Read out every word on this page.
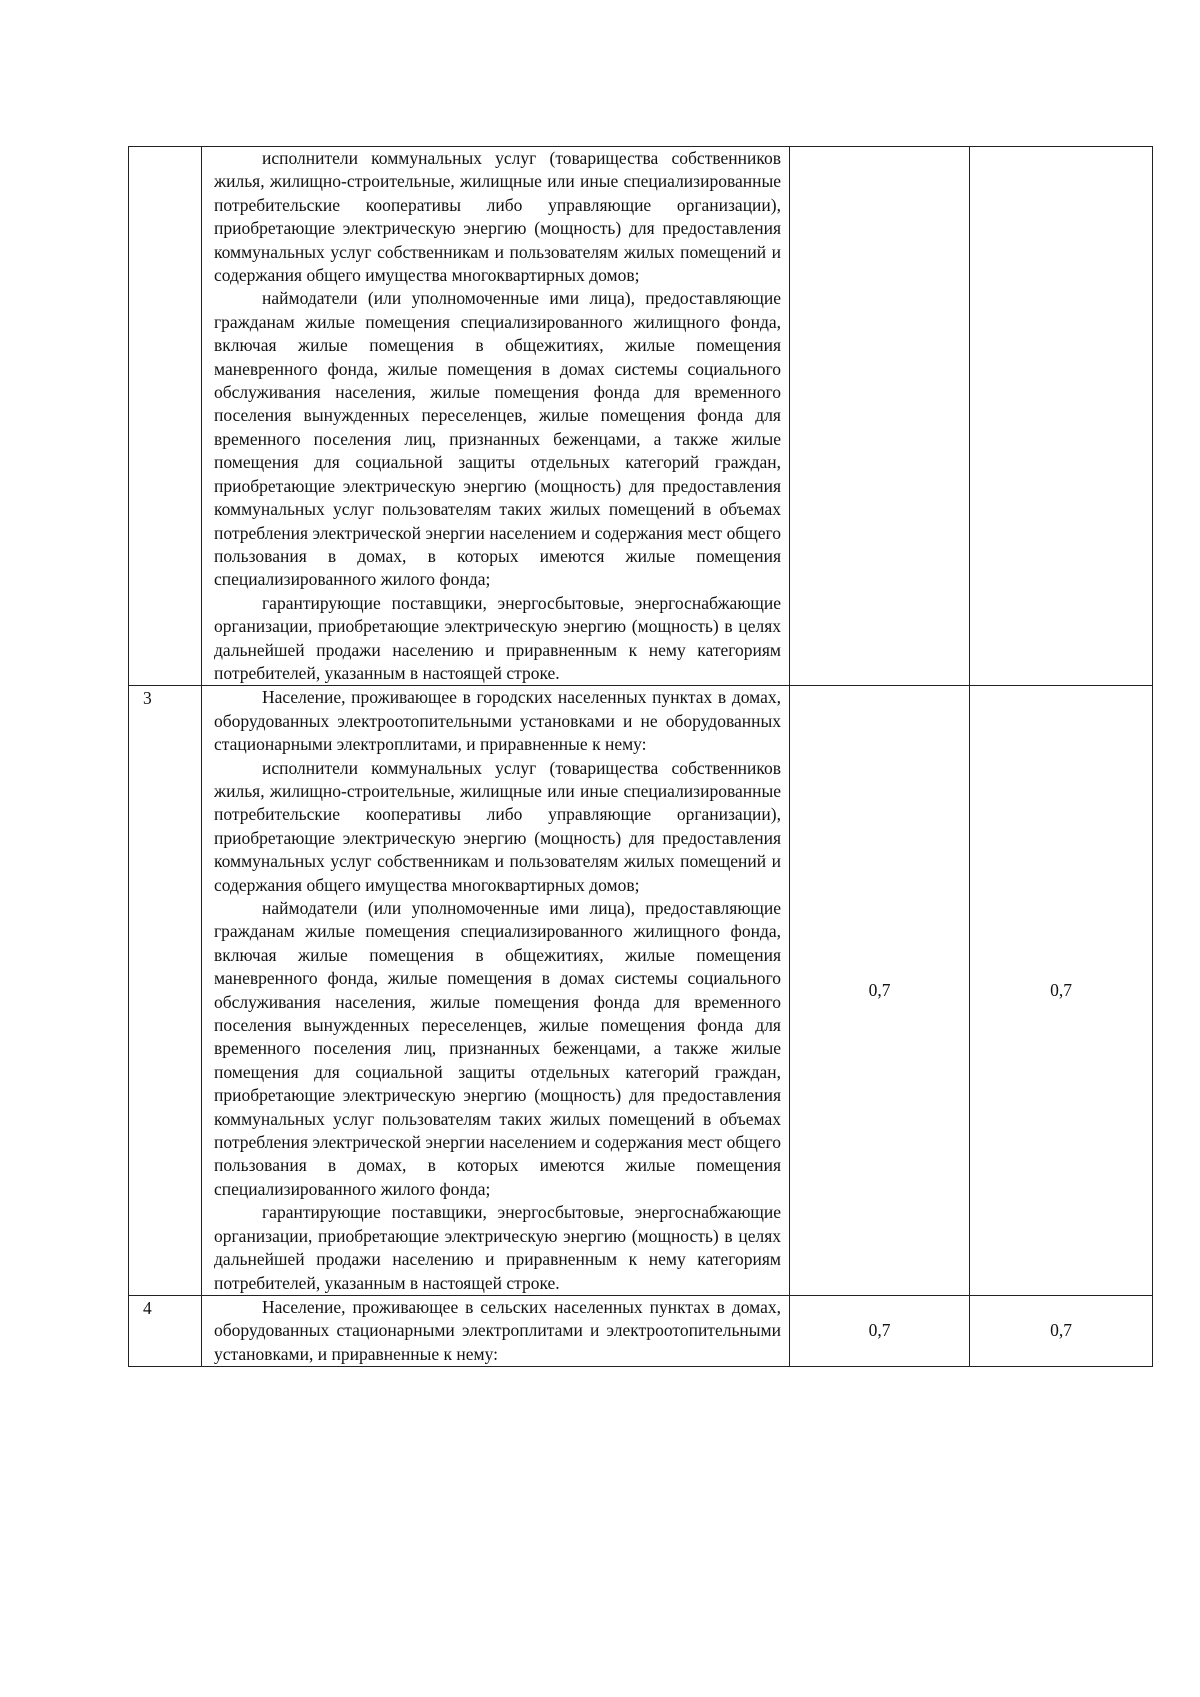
	исполнители коммунальных услуг (товарищества собственников жилья, жилищно-строительные, жилищные или иные специализированные потребительские кооперативы либо управляющие организации), приобретающие электрическую энергию (мощность) для предоставления коммунальных услуг собственникам и пользователям жилых помещений и содержания общего имущества многоквартирных домов;

наймодатели (или уполномоченные ими лица), предоставляющие гражданам жилые помещения специализированного жилищного фонда, включая жилые помещения в общежитиях, жилые помещения маневренного фонда, жилые помещения в домах системы социального обслуживания населения, жилые помещения фонда для временного поселения вынужденных переселенцев, жилые помещения фонда для временного поселения лиц, признанных беженцами, а также жилые помещения для социальной защиты отдельных категорий граждан, приобретающие электрическую энергию (мощность) для предоставления коммунальных услуг пользователям таких жилых помещений в объемах потребления электрической энергии населением и содержания мест общего пользования в домах, в которых имеются жилые помещения специализированного жилого фонда;

гарантирующие поставщики, энергосбытовые, энергоснабжающие организации, приобретающие электрическую энергию (мощность) в целях дальнейшей продажи населению и приравненным к нему категориям потребителей, указанным в настоящей строке.		

3	Население, проживающее в городских населенных пунктах в домах, оборудованных электроотопительными установками и не оборудованных стационарными электроплитами, и приравненные к нему:

исполнители коммунальных услуг (товарищества собственников жилья, жилищно-строительные, жилищные или иные специализированные потребительские кооперативы либо управляющие организации), приобретающие электрическую энергию (мощность) для предоставления коммунальных услуг собственникам и пользователям жилых помещений и содержания общего имущества многоквартирных домов;

наймодатели (или уполномоченные ими лица), предоставляющие гражданам жилые помещения специализированного жилищного фонда, включая жилые помещения в общежитиях, жилые помещения маневренного фонда, жилые помещения в домах системы социального обслуживания населения, жилые помещения фонда для временного поселения вынужденных переселенцев, жилые помещения фонда для временного поселения лиц, признанных беженцами, а также жилые помещения для социальной защиты отдельных категорий граждан, приобретающие электрическую энергию (мощность) для предоставления коммунальных услуг пользователям таких жилых помещений в объемах потребления электрической энергии населением и содержания мест общего пользования в домах, в которых имеются жилые помещения специализированного жилого фонда;

гарантирующие поставщики, энергосбытовые, энергоснабжающие организации, приобретающие электрическую энергию (мощность) в целях дальнейшей продажи населению и приравненным к нему категориям потребителей, указанным в настоящей строке.	0,7	0,7
4	Население, проживающее в сельских населенных пунктах в домах, оборудованных стационарными электроплитами и электроотопительными установками, и приравненные к нему:	0,7	0,7
